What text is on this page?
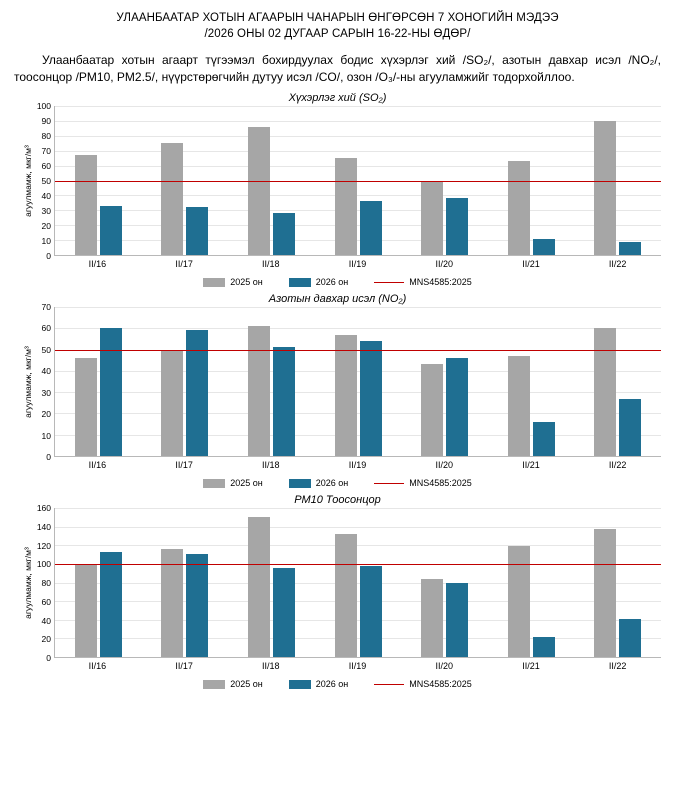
УЛААНБААТАР ХОТЫН АГААРЫН ЧАНАРЫН ӨНГӨРСӨН 7 ХОНОГИЙН МЭДЭЭ
/2026 ОНЫ 02 ДУГААР САРЫН 16-22-НЫ ӨДӨР/
Улаанбаатар хотын агаарт түгээмэл бохирдуулах бодис хүхэрлэг хий /SO₂/, азотын давхар исэл /NO₂/, тоосонцор /PM10, PM2.5/, нүүрстөрөгчийн дутуу исэл /CO/, озон /O₃/-ны агууламжийг тодорхойллоо.
Хүхэрлэг хий (SO₂)
агуулмамж, мкг/м³
0
10
20
30
40
50
60
70
80
90
100
II/16	II/17	II/18	II/19	II/20	II/21	II/22
2025 он	2026 он	MNS4585:2025
Азотын давхар исэл (NO₂)
агуулмамж, мкг/м³
0
10
20
30
40
50
60
70
II/16	II/17	II/18	II/19	II/20	II/21	II/22
2025 он	2026 он	MNS4585:2025
РМ10 Тоосонцор
агуулмамж, мкг/м³
0
20
40
60
80
100
120
140
160
II/16	II/17	II/18	II/19	II/20	II/21	II/22
2025 он	2026 он	MNS4585:2025
